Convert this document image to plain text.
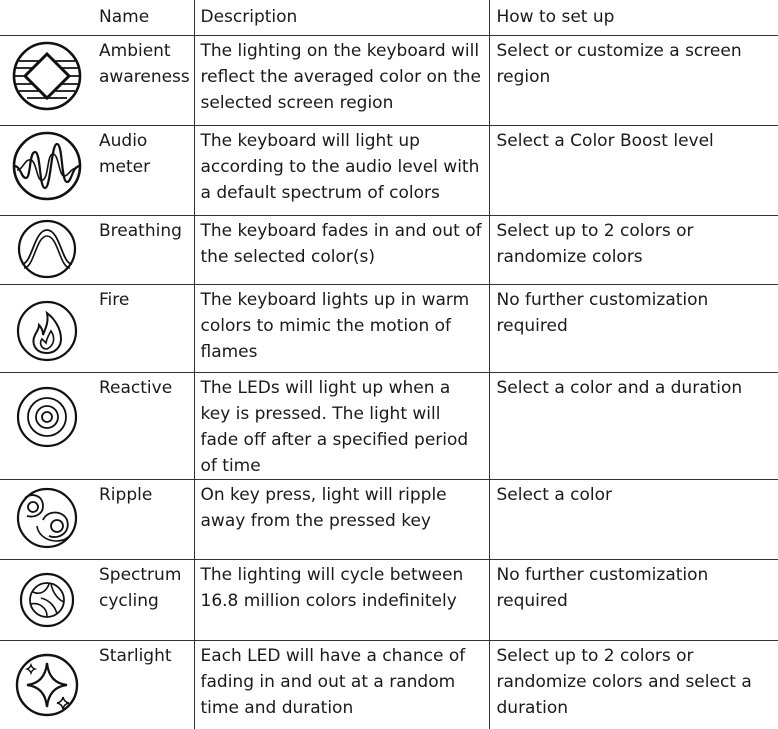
	Name	Description	How to set up

	Ambient awareness	The lighting on the keyboard will reflect the averaged color on the selected screen region	Select or customize a screen region

	Audio meter	The keyboard will light up according to the audio level with a default spectrum of colors	Select a Color Boost level

	Breathing	The keyboard fades in and out of the selected color(s)	Select up to 2 colors or randomize colors

	Fire	The keyboard lights up in warm colors to mimic the motion of flames	No further customization required

	Reactive	The LEDs will light up when a key is pressed. The light will fade off after a specified period of time	Select a color and a duration

	Ripple	On key press, light will ripple away from the pressed key	Select a color

	Spectrum cycling	The lighting will cycle between 16.8 million colors indefinitely	No further customization required

	Starlight	Each LED will have a chance of fading in and out at a random time and duration	Select up to 2 colors or randomize colors and select a duration
